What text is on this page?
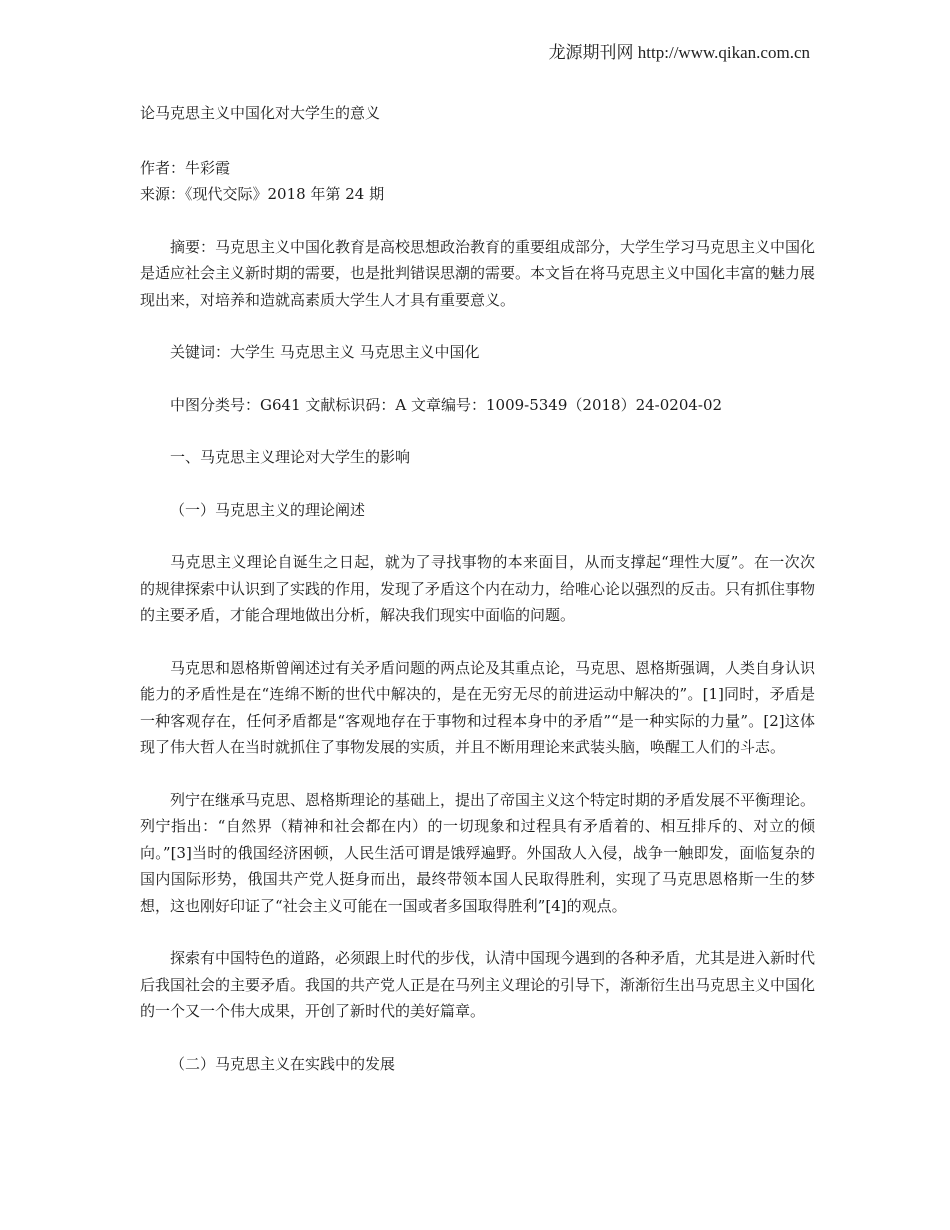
龙源期刊网 http://www.qikan.com.cn

论马克思主义中国化对大学生的意义

作者：牛彩霞

来源：《现代交际》2018 年第 24 期

摘要：马克思主义中国化教育是高校思想政治教育的重要组成部分，大学生学习马克思主义中国化是适应社会主义新时期的需要，也是批判错误思潮的需要。本文旨在将马克思主义中国化丰富的魅力展现出来，对培养和造就高素质大学生人才具有重要意义。

关键词：大学生 马克思主义 马克思主义中国化

中图分类号：G641 文献标识码：A 文章编号：1009-5349（2018）24-0204-02

一、马克思主义理论对大学生的影响

（一）马克思主义的理论阐述

马克思主义理论自诞生之日起，就为了寻找事物的本来面目，从而支撑起“理性大厦”。在一次次的规律探索中认识到了实践的作用，发现了矛盾这个内在动力，给唯心论以强烈的反击。只有抓住事物的主要矛盾，才能合理地做出分析，解决我们现实中面临的问题。

马克思和恩格斯曾阐述过有关矛盾问题的两点论及其重点论，马克思、恩格斯强调，人类自身认识能力的矛盾性是在“连绵不断的世代中解决的，是在无穷无尽的前进运动中解决的”。[1]同时，矛盾是一种客观存在，任何矛盾都是“客观地存在于事物和过程本身中的矛盾”“是一种实际的力量”。[2]这体现了伟大哲人在当时就抓住了事物发展的实质，并且不断用理论来武装头脑，唤醒工人们的斗志。

列宁在继承马克思、恩格斯理论的基础上，提出了帝国主义这个特定时期的矛盾发展不平衡理论。列宁指出：“自然界（精神和社会都在内）的一切现象和过程具有矛盾着的、相互排斥的、对立的倾向。”[3]当时的俄国经济困顿，人民生活可谓是饿殍遍野。外国敌人入侵，战争一触即发，面临复杂的国内国际形势，俄国共产党人挺身而出，最终带领本国人民取得胜利，实现了马克思恩格斯一生的梦想，这也刚好印证了“社会主义可能在一国或者多国取得胜利”[4]的观点。

探索有中国特色的道路，必须跟上时代的步伐，认清中国现今遇到的各种矛盾，尤其是进入新时代后我国社会的主要矛盾。我国的共产党人正是在马列主义理论的引导下，渐渐衍生出马克思主义中国化的一个又一个伟大成果，开创了新时代的美好篇章。

（二）马克思主义在实践中的发展
